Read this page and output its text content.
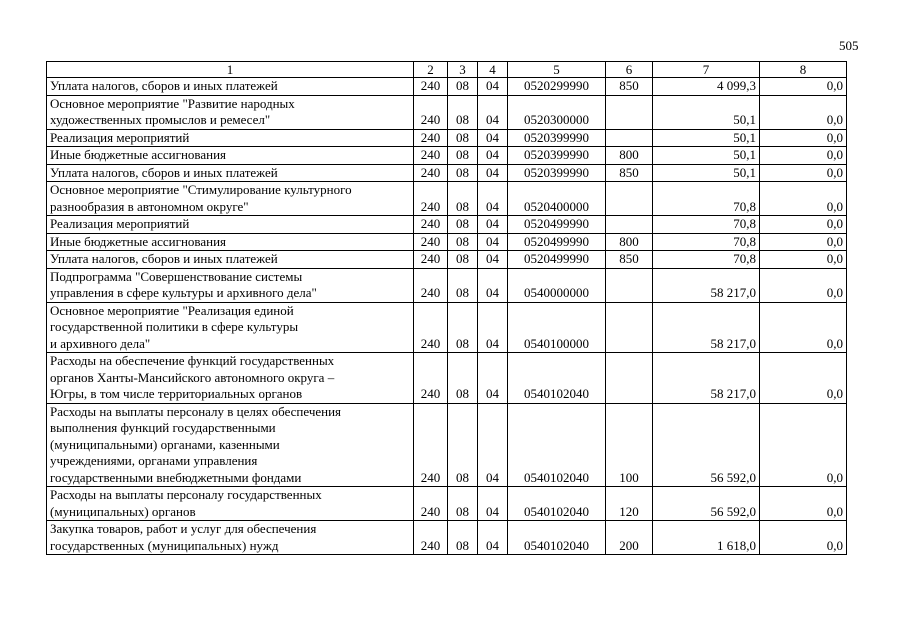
505
1	2	3	4	5	6	7	8

Уплата налогов, сборов и иных платежей	240	08	04	0520299990	850	4 099,3	0,0

Основное мероприятие "Развитие народных
художественных промыслов и ремесел"	240	08	04	0520300000		50,1	0,0

Реализация мероприятий	240	08	04	0520399990		50,1	0,0

Иные бюджетные ассигнования	240	08	04	0520399990	800	50,1	0,0

Уплата налогов, сборов и иных платежей	240	08	04	0520399990	850	50,1	0,0

Основное мероприятие "Стимулирование культурного
разнообразия в автономном округе"	240	08	04	0520400000		70,8	0,0

Реализация мероприятий	240	08	04	0520499990		70,8	0,0

Иные бюджетные ассигнования	240	08	04	0520499990	800	70,8	0,0

Уплата налогов, сборов и иных платежей	240	08	04	0520499990	850	70,8	0,0

Подпрограмма "Совершенствование системы
управления в сфере культуры и архивного дела"	240	08	04	0540000000		58 217,0	0,0

Основное мероприятие "Реализация единой
государственной политики в сфере культуры
и архивного дела"	240	08	04	0540100000		58 217,0	0,0

Расходы на обеспечение функций государственных
органов Ханты-Мансийского автономного округа –
Югры, в том числе территориальных органов	240	08	04	0540102040		58 217,0	0,0

Расходы на выплаты персоналу в целях обеспечения
выполнения функций государственными
(муниципальными) органами, казенными
учреждениями, органами управления
государственными внебюджетными фондами	240	08	04	0540102040	100	56 592,0	0,0

Расходы на выплаты персоналу государственных
(муниципальных) органов	240	08	04	0540102040	120	56 592,0	0,0

Закупка товаров, работ и услуг для обеспечения
государственных (муниципальных) нужд	240	08	04	0540102040	200	1 618,0	0,0
